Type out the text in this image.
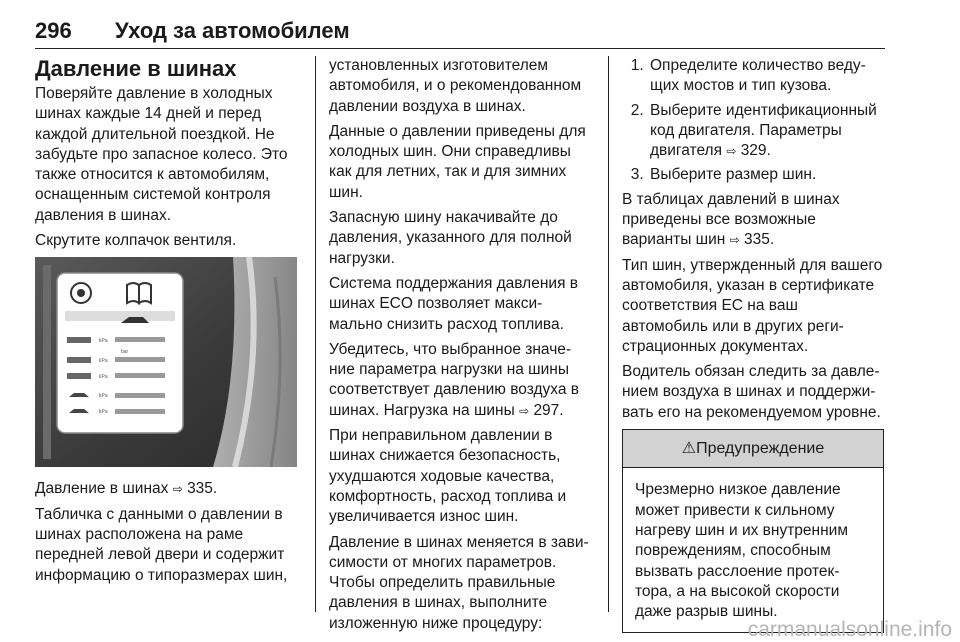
296 Уход за автомобилем
Давление в шинах

Поверяйте давление в холодных шинах каждые 14 дней и перед каждой длительной поездкой. Не забудьте про запасное колесо. Это также относится к автомобилям, оснащенным системой контроля давления в шинах.

Скрутите колпачок вентиля.

kPa
bar
kPa
kPa
kPa
kPa

Давление в шинах ⇨ 335.

Табличка с данными о давлении в шинах расположена на раме передней левой двери и содержит информацию о типоразмерах шин,

установленных изготовителем автомобиля, и о рекомендованном давлении воздуха в шинах.

Данные о давлении приведены для холодных шин. Они справедливы как для летних, так и для зимних шин.

Запасную шину накачивайте до давления, указанного для полной нагрузки.

Система поддержания давления в шинах ECO позволяет макси- мально снизить расход топлива.

Убедитесь, что выбранное значе- ние параметра нагрузки на шины соответствует давлению воздуха в шинах. Нагрузка на шины ⇨ 297.

При неправильном давлении в шинах снижается безопасность, ухудшаются ходовые качества, комфортность, расход топлива и увеличивается износ шин.

Давление в шинах меняется в зави- симости от многих параметров. Чтобы определить правильные давления в шинах, выполните изложенную ниже процедуру:

1. Определите количество веду- щих мостов и тип кузова.
2. Выберите идентификационный код двигателя. Параметры двигателя ⇨ 329.
3. Выберите размер шин.

В таблицах давлений в шинах приведены все возможные варианты шин ⇨ 335.

Тип шин, утвержденный для вашего автомобиля, указан в сертификате соответствия ЕС на ваш автомобиль или в других реги- страционных документах.

Водитель обязан следить за давле- нием воздуха в шинах и поддержи- вать его на рекомендуемом уровне.

⚠Предупреждение
Чрезмерно низкое давление может привести к сильному нагреву шин и их внутренним повреждениям, способным вызвать расслоение протек- тора, а на высокой скорости даже разрыв шины.
carmanualsonline.info
